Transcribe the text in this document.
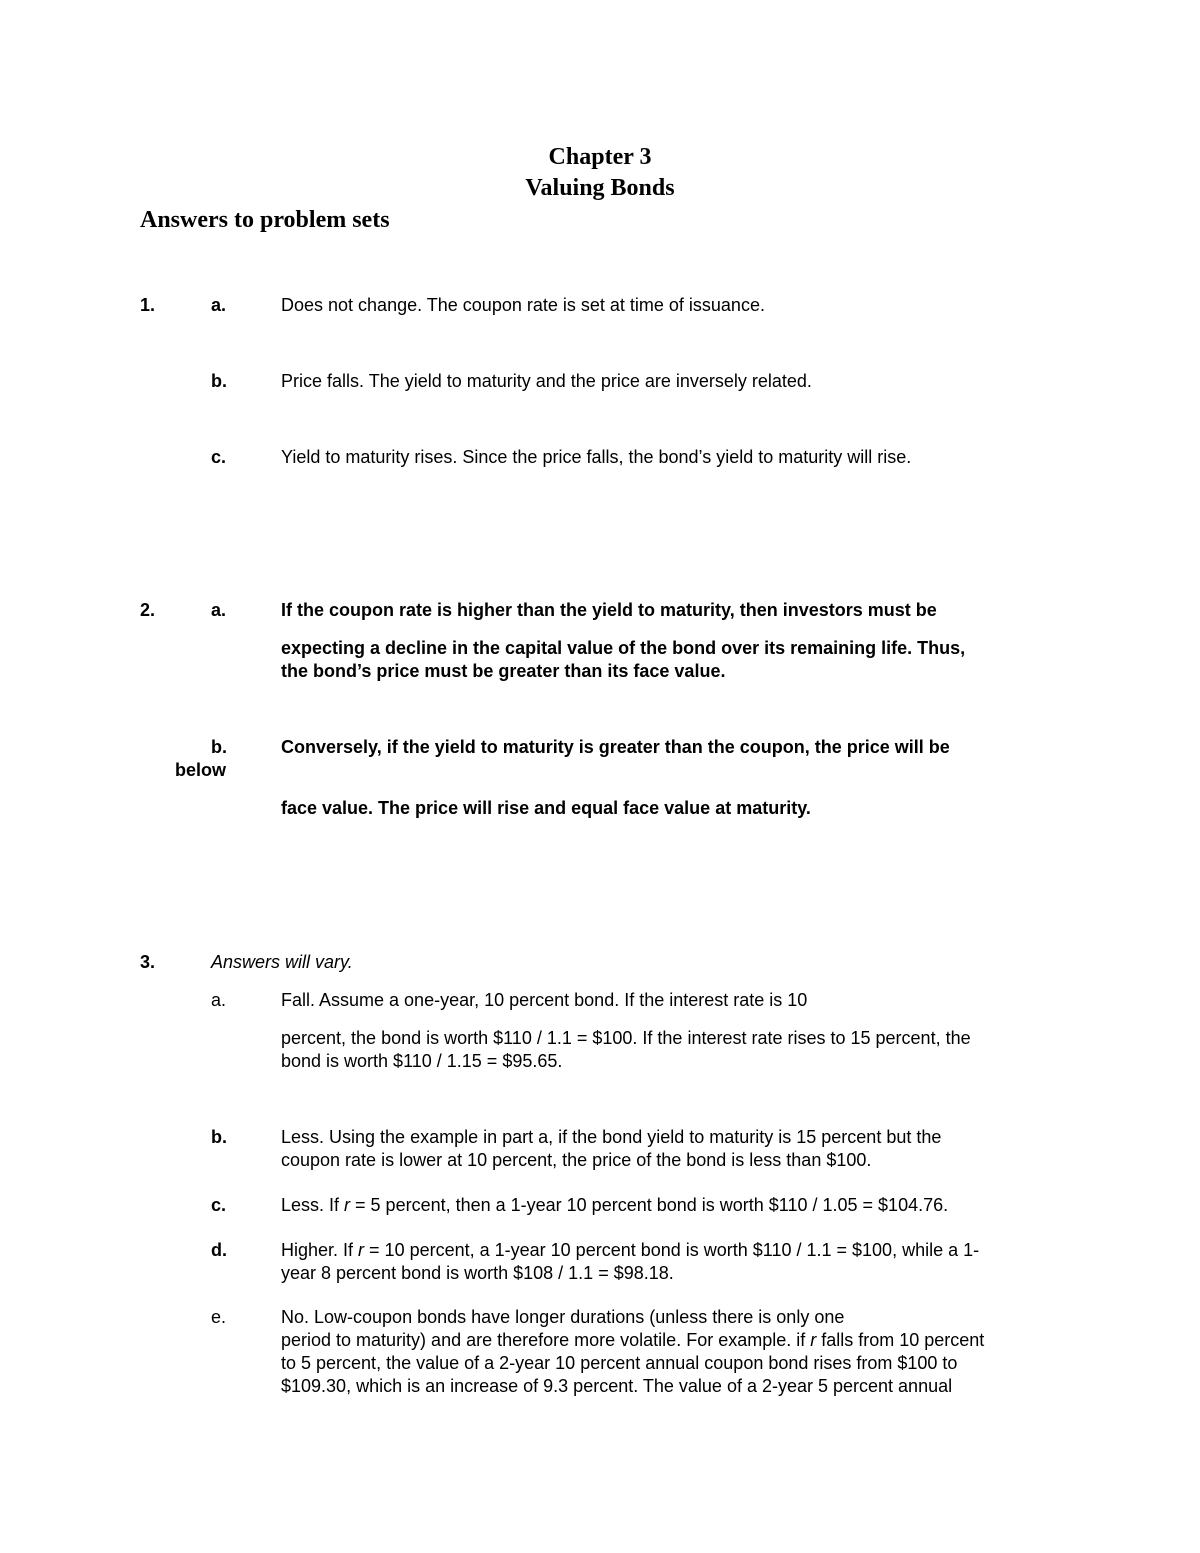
Chapter 3
Valuing Bonds
Answers to problem sets
1.	a.	Does not change. The coupon rate is set at time of issuance.
b.	Price falls. The yield to maturity and the price are inversely related.
c.	Yield to maturity rises. Since the price falls, the bond’s yield to maturity will rise.
2.	a.	If the coupon rate is higher than the yield to maturity, then investors must be
expecting a decline in the capital value of the bond over its remaining life. Thus,
the bond’s price must be greater than its face value.
b.	Conversely, if the yield to maturity is greater than the coupon, the price will be
below
face value. The price will rise and equal face value at maturity.
3.	Answers will vary.
a.	Fall. Assume a one-year, 10 percent bond. If the interest rate is 10
percent, the bond is worth $110 / 1.1 = $100. If the interest rate rises to 15 percent, the
bond is worth $110 / 1.15 = $95.65.
b.	Less. Using the example in part a, if the bond yield to maturity is 15 percent but the
coupon rate is lower at 10 percent, the price of the bond is less than $100.
c.	Less. If r = 5 percent, then a 1-year 10 percent bond is worth $110 / 1.05 = $104.76.
d.	Higher. If r = 10 percent, a 1-year 10 percent bond is worth $110 / 1.1 = $100, while a 1-
year 8 percent bond is worth $108 / 1.1 = $98.18.
e.	No. Low-coupon bonds have longer durations (unless there is only one
period to maturity) and are therefore more volatile. For example. if r falls from 10 percent
to 5 percent, the value of a 2-year 10 percent annual coupon bond rises from $100 to
$109.30, which is an increase of 9.3 percent. The value of a 2-year 5 percent annual
